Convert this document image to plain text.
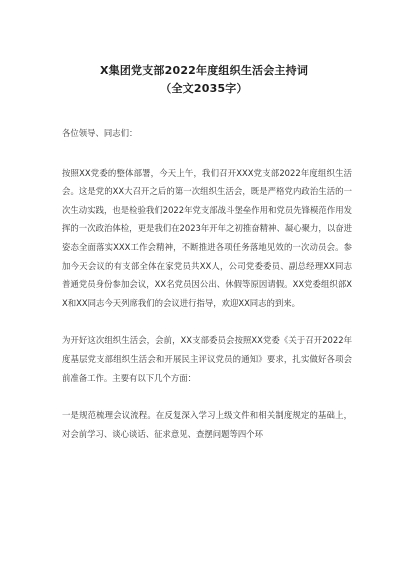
X集团党支部2022年度组织生活会主持词
（全文2035字）

各位领导、同志们：

按照XX党委的整体部署，今天上午，我们召开XXX党支部2022年度组织生活会。这是党的XX大召开之后的第一次组织生活会，既是严格党内政治生活的一次生动实践，也是检验我们2022年党支部战斗堡垒作用和党员先锋模范作用发挥的一次政治体检，更是我们在2023年开年之初推奋精神、凝心聚力，以奋进姿态全面落实XXX工作会精神，不断推进各项任务落地见效的一次动员会。参加今天会议的有支部全体在家党员共XX人，公司党委委员、副总经理XX同志普通党员身份参加会议，XX名党员因公出、休假等原因请假。XX党委组织部XX和XX同志今天列席我们的会议进行指导，欢迎XX同志的到来。

为开好这次组织生活会，会前，XX支部委员会按照XX党委《关于召开2022年度基层党支部组织生活会和开展民主评议党员的通知》要求，扎实做好各项会前准备工作。主要有以下几个方面：

一是规范梳理会议流程。在反复深入学习上级文件和相关制度规定的基础上，对会前学习、谈心谈话、征求意见、查摆问题等四个环
